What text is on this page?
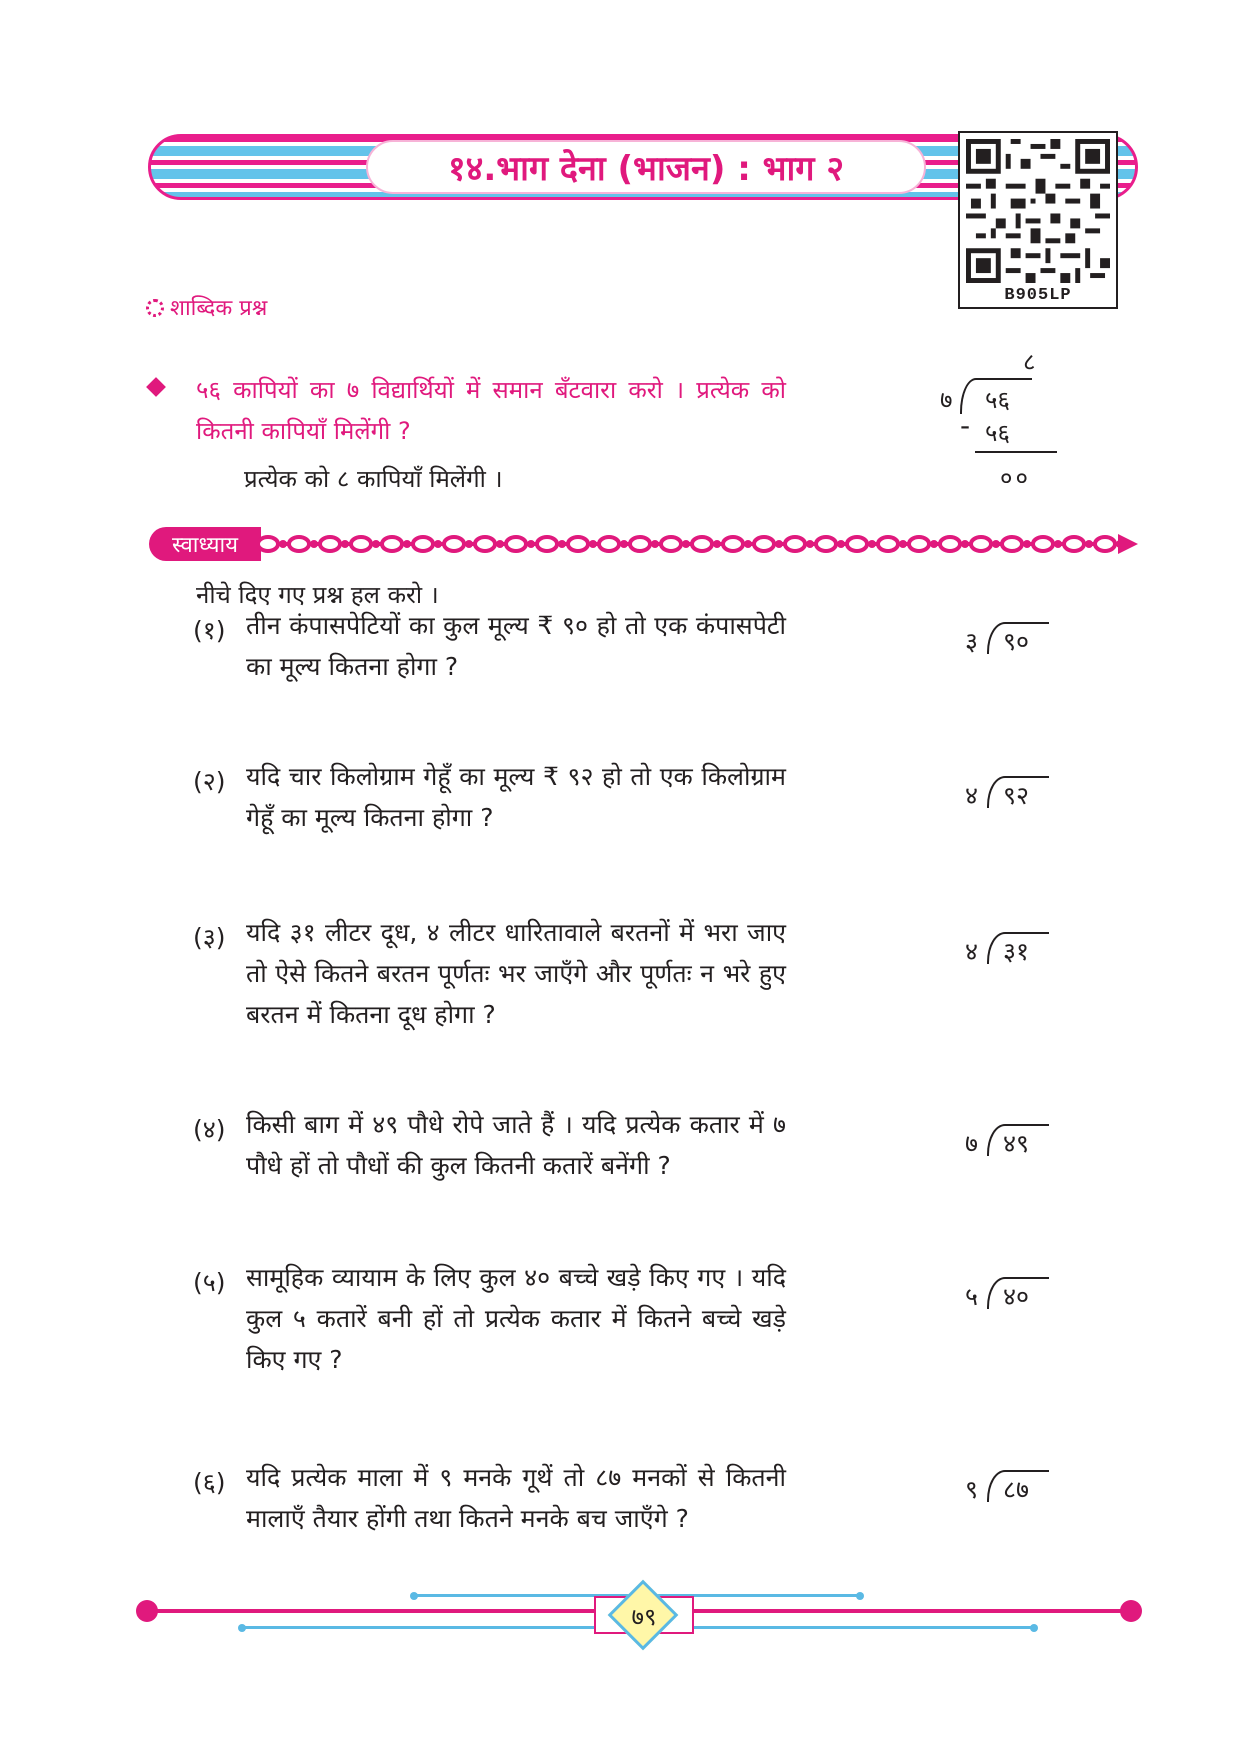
१४.भाग देना (भाजन) : भाग २
B905LP
शाब्दिक प्रश्न
५६ कापियों का ७ विद्यार्थियों में समान बँटवारा करो । प्रत्येक को कितनी कापियाँ मिलेंगी ?
प्रत्येक को ८ कापियाँ मिलेंगी ।
८
७ ५६
- ५६
००
स्वाध्याय
नीचे दिए गए प्रश्न हल करो ।
(१) तीन कंपासपेटियों का कुल मूल्य ₹ ९० हो तो एक कंपासपेटी का मूल्य कितना होगा ?
३ ९०
(२) यदि चार किलोग्राम गेहूँ का मूल्य ₹ ९२ हो तो एक किलोग्राम गेहूँ का मूल्य कितना होगा ?
४ ९२
(३) यदि ३१ लीटर दूध, ४ लीटर धारितावाले बरतनों में भरा जाए तो ऐसे कितने बरतन पूर्णतः भर जाएँगे और पूर्णतः न भरे हुए बरतन में कितना दूध होगा ?
४ ३१
(४) किसी बाग में ४९ पौधे रोपे जाते हैं । यदि प्रत्येक कतार में ७ पौधे हों तो पौधों की कुल कितनी कतारें बनेंगी ?
७ ४९
(५) सामूहिक व्यायाम के लिए कुल ४० बच्चे खड़े किए गए । यदि कुल ५ कतारें बनी हों तो प्रत्येक कतार में कितने बच्चे खड़े किए गए ?
५ ४०
(६) यदि प्रत्येक माला में ९ मनके गूथें तो ८७ मनकों से कितनी मालाएँ तैयार होंगी तथा कितने मनके बच जाएँगे ?
९ ८७
७९
